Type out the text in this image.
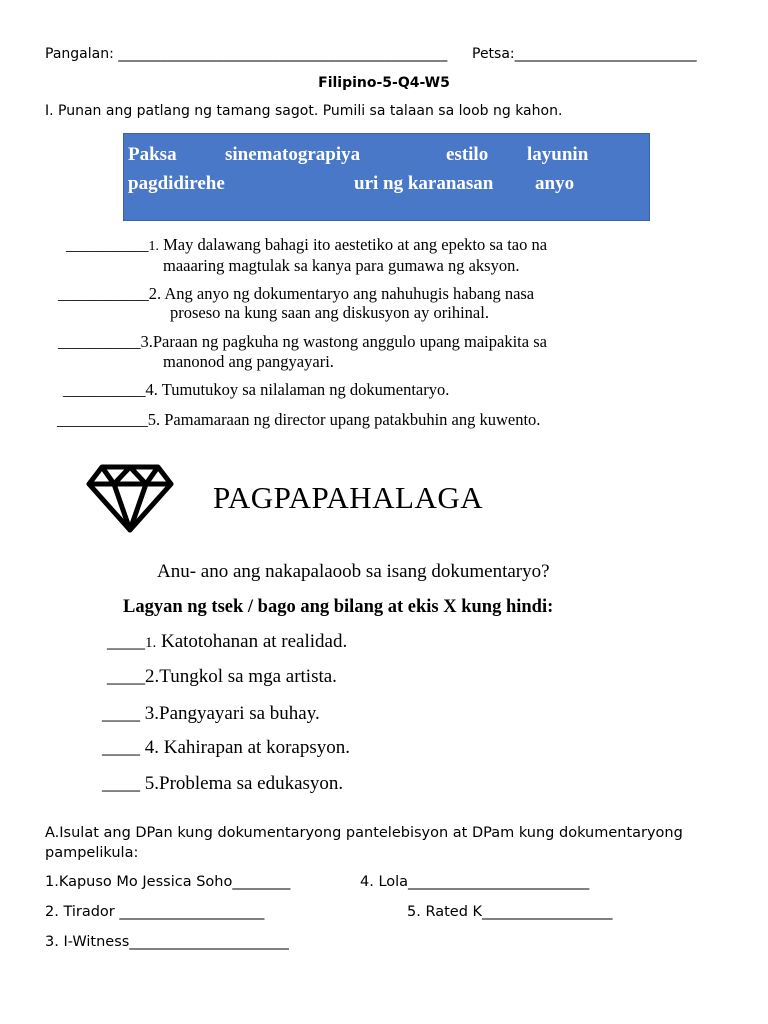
Pangalan: _______________________________________________ Petsa:__________________________
Filipino-5-Q4-W5
I. Punan ang patlang ng tamang sagot. Pumili sa talaan sa loob ng kahon.
Paksa	sinematograpiya	estilo layunin
pagdidirehe	uri ng karanasan anyo
__________1. May dalawang bahagi ito aestetiko at ang epekto sa tao na
maaaring magtulak sa kanya para gumawa ng aksyon.
___________2. Ang anyo ng dokumentaryo ang nahuhugis habang nasa
proseso na kung saan ang diskusyon ay orihinal.
__________3.Paraan ng pagkuha ng wastong anggulo upang maipakita sa
manonod ang pangyayari.
__________4. Tumutukoy sa nilalaman ng dokumentaryo.
___________5. Pamamaraan ng director upang patakbuhin ang kuwento.
PAGPAPAHALAGA
Anu- ano ang nakapalaoob sa isang dokumentaryo?
Lagyan ng tsek / bago ang bilang at ekis X kung hindi:
____1. Katotohanan at realidad.
____2.Tungkol sa mga artista.
____ 3.Pangyayari sa buhay.
____ 4. Kahirapan at korapsyon.
____ 5.Problema sa edukasyon.
A.Isulat ang DPan kung dokumentaryong pantelebisyon at DPam kung dokumentaryong
pampelikula:
1.Kapuso Mo Jessica Soho________	4. Lola_________________________
2. Tirador ____________________	5. Rated K__________________
3. I-Witness______________________
